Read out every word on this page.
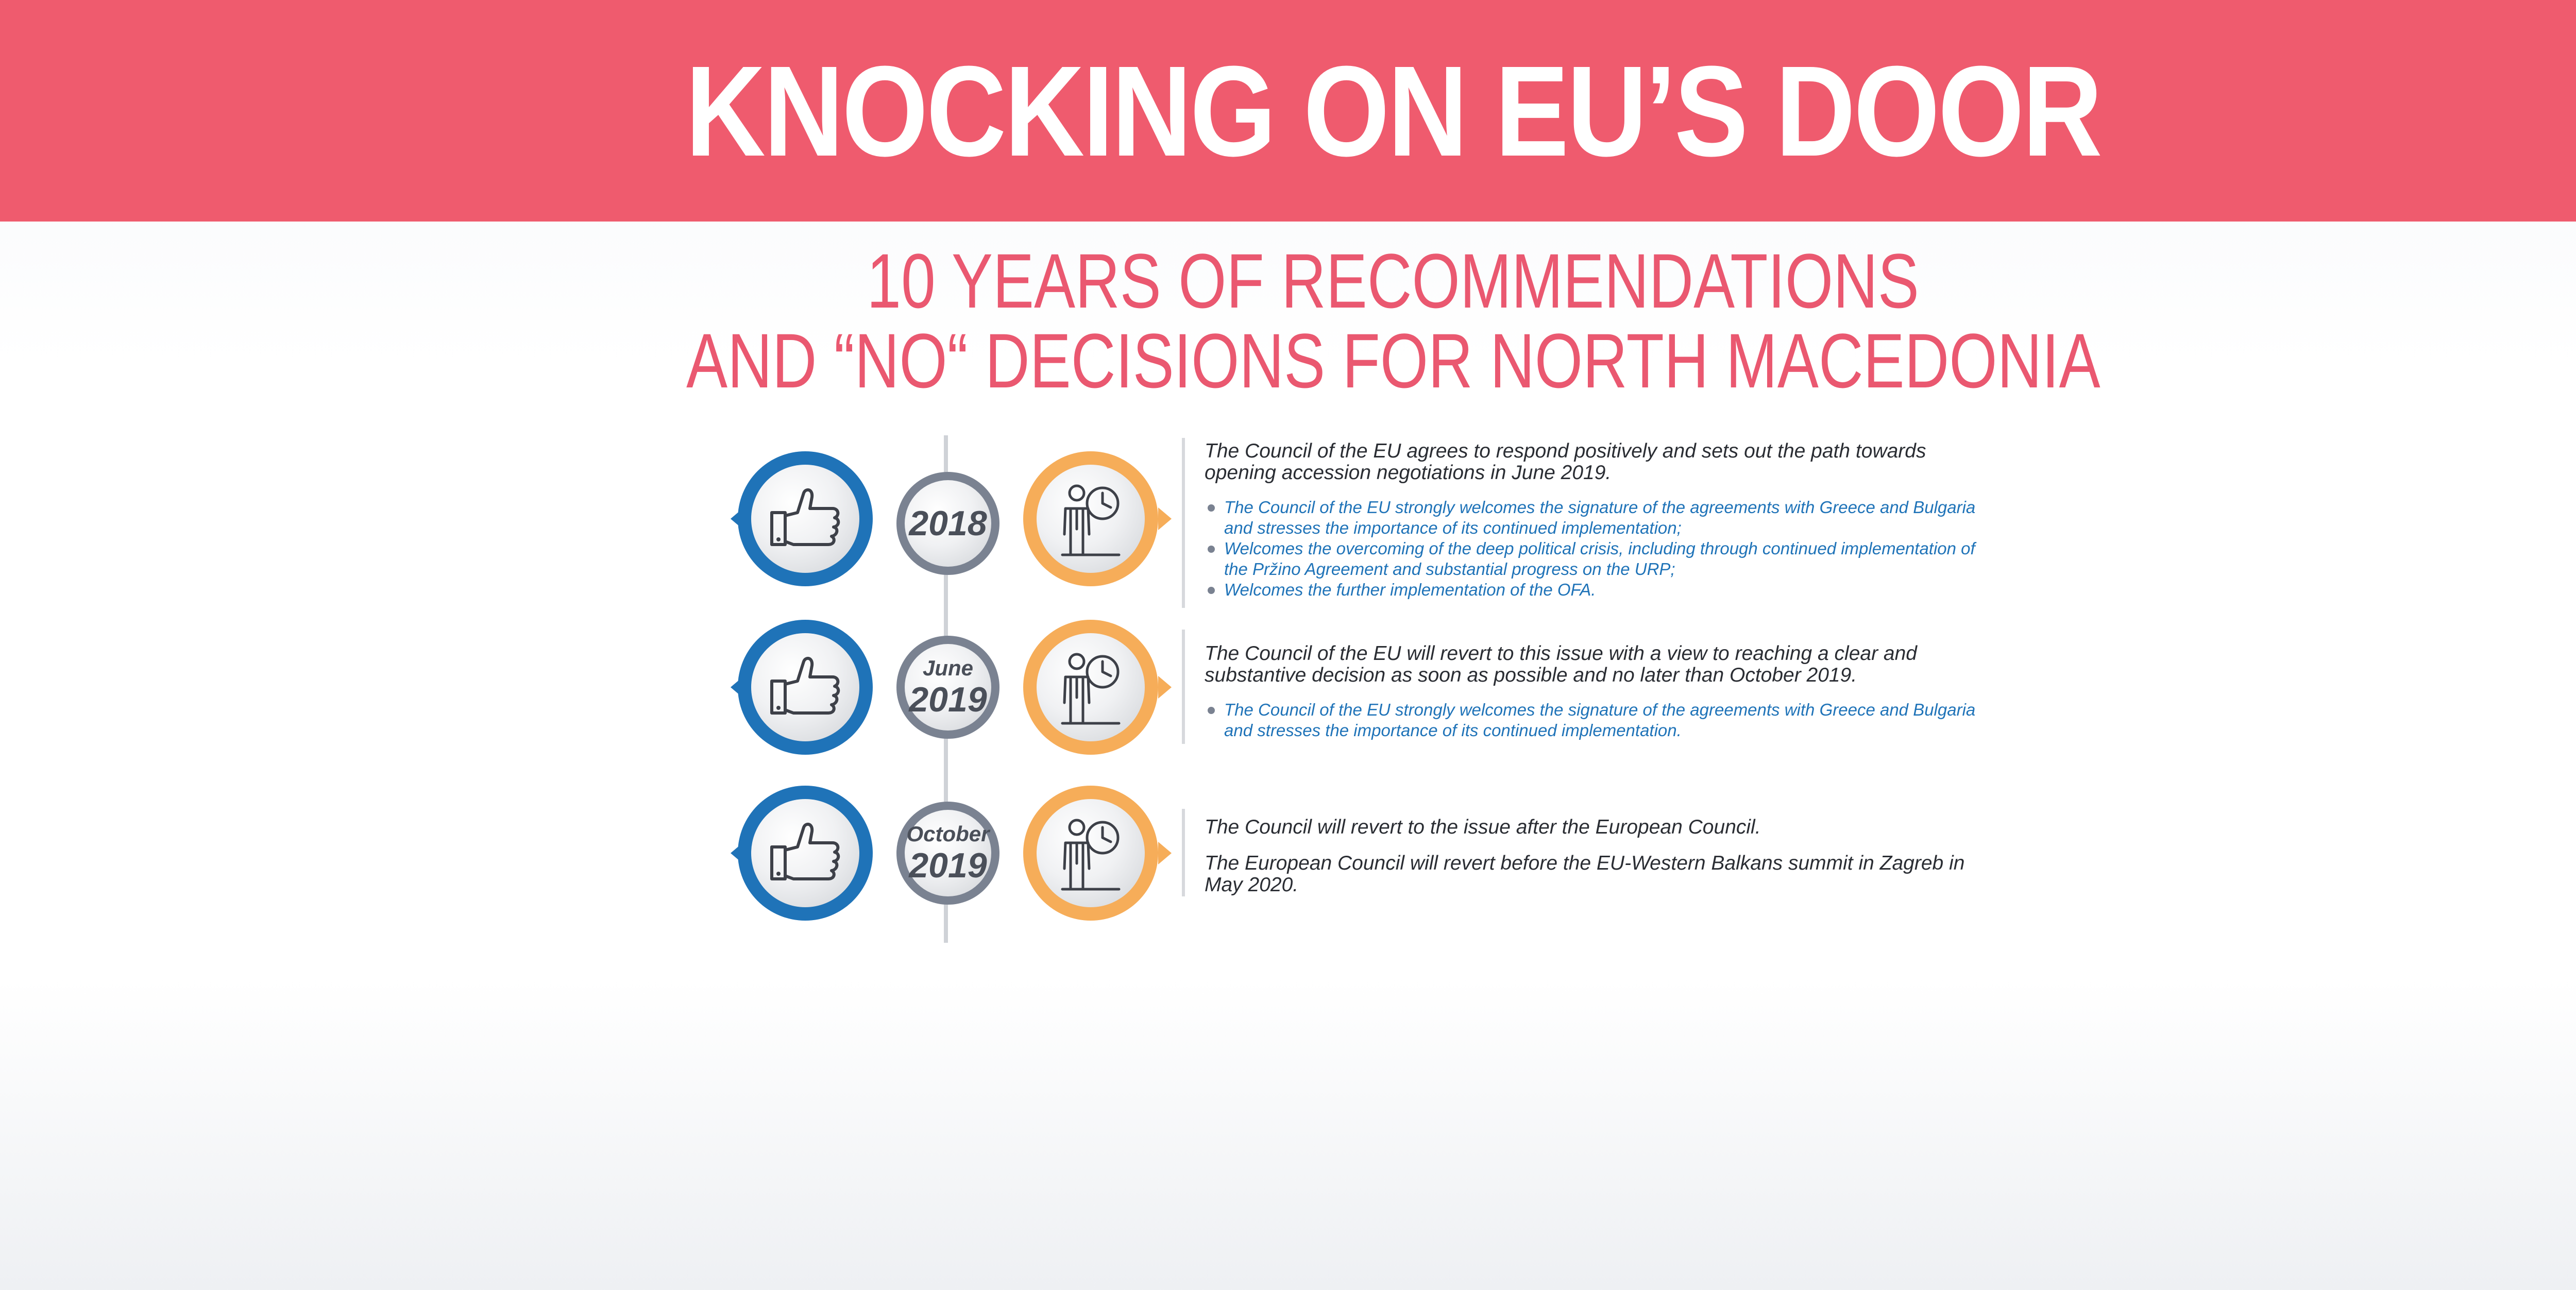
KNOCKING ON EU’S DOOR
10 YEARS OF RECOMMENDATIONS
AND “NO“ DECISIONS FOR NORTH MACEDONIA
2018

The Council of the EU agrees to respond positively and sets out the path towards opening accession negotiations in June 2019.

The Council of the EU strongly welcomes the signature of the agreements with Greece and Bulgaria and stresses the importance of its continued implementation;
Welcomes the overcoming of the deep political crisis, including through continued implementation of the Pržino Agreement and substantial progress on the URP;
Welcomes the further implementation of the OFA.
June
2019

The Council of the EU will revert to this issue with a view to reaching a clear and substantive decision as soon as possible and no later than October 2019.

The Council of the EU strongly welcomes the signature of the agreements with Greece and Bulgaria and stresses the importance of its continued implementation.
October
2019

The Council will revert to the issue after the European Council.

The European Council will revert before the EU-Western Balkans summit in Zagreb in May 2020.
